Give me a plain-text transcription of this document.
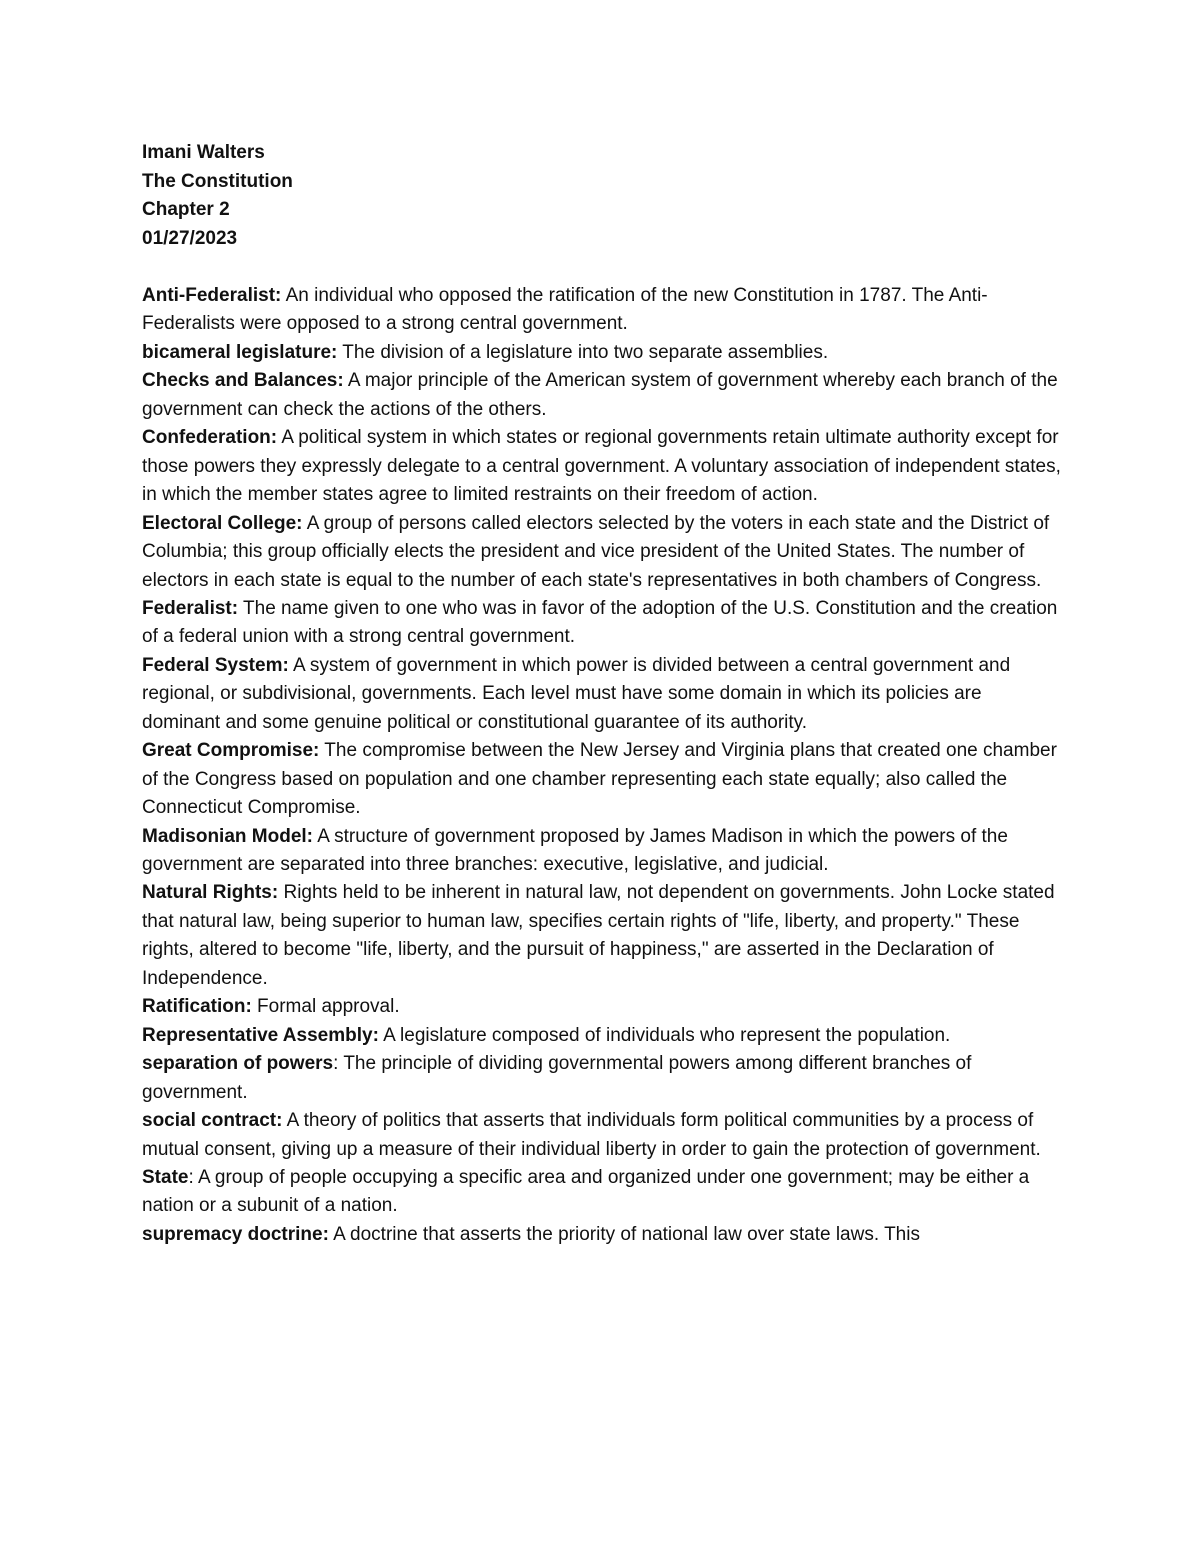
Imani Walters

The Constitution

Chapter 2

01/27/2023

Anti-Federalist: An individual who opposed the ratification of the new Constitution in 1787. The Anti-Federalists were opposed to a strong central government.

bicameral legislature: The division of a legislature into two separate assemblies.

Checks and Balances: A major principle of the American system of government whereby each branch of the government can check the actions of the others.

Confederation: A political system in which states or regional governments retain ultimate authority except for those powers they expressly delegate to a central government. A voluntary association of independent states, in which the member states agree to limited restraints on their freedom of action.

Electoral College: A group of persons called electors selected by the voters in each state and the District of Columbia; this group officially elects the president and vice president of the United States. The number of electors in each state is equal to the number of each state's representatives in both chambers of Congress.

Federalist: The name given to one who was in favor of the adoption of the U.S. Constitution and the creation of a federal union with a strong central government.

Federal System: A system of government in which power is divided between a central government and regional, or subdivisional, governments. Each level must have some domain in which its policies are dominant and some genuine political or constitutional guarantee of its authority.

Great Compromise: The compromise between the New Jersey and Virginia plans that created one chamber of the Congress based on population and one chamber representing each state equally; also called the Connecticut Compromise.

Madisonian Model: A structure of government proposed by James Madison in which the powers of the government are separated into three branches: executive, legislative, and judicial.

Natural Rights: Rights held to be inherent in natural law, not dependent on governments. John Locke stated that natural law, being superior to human law, specifies certain rights of "life, liberty, and property." These rights, altered to become "life, liberty, and the pursuit of happiness," are asserted in the Declaration of Independence.

Ratification: Formal approval.

Representative Assembly: A legislature composed of individuals who represent the population.

separation of powers: The principle of dividing governmental powers among different branches of government.

social contract: A theory of politics that asserts that individuals form political communities by a process of mutual consent, giving up a measure of their individual liberty in order to gain the protection of government.

State: A group of people occupying a specific area and organized under one government; may be either a nation or a subunit of a nation.

supremacy doctrine: A doctrine that asserts the priority of national law over state laws. This
